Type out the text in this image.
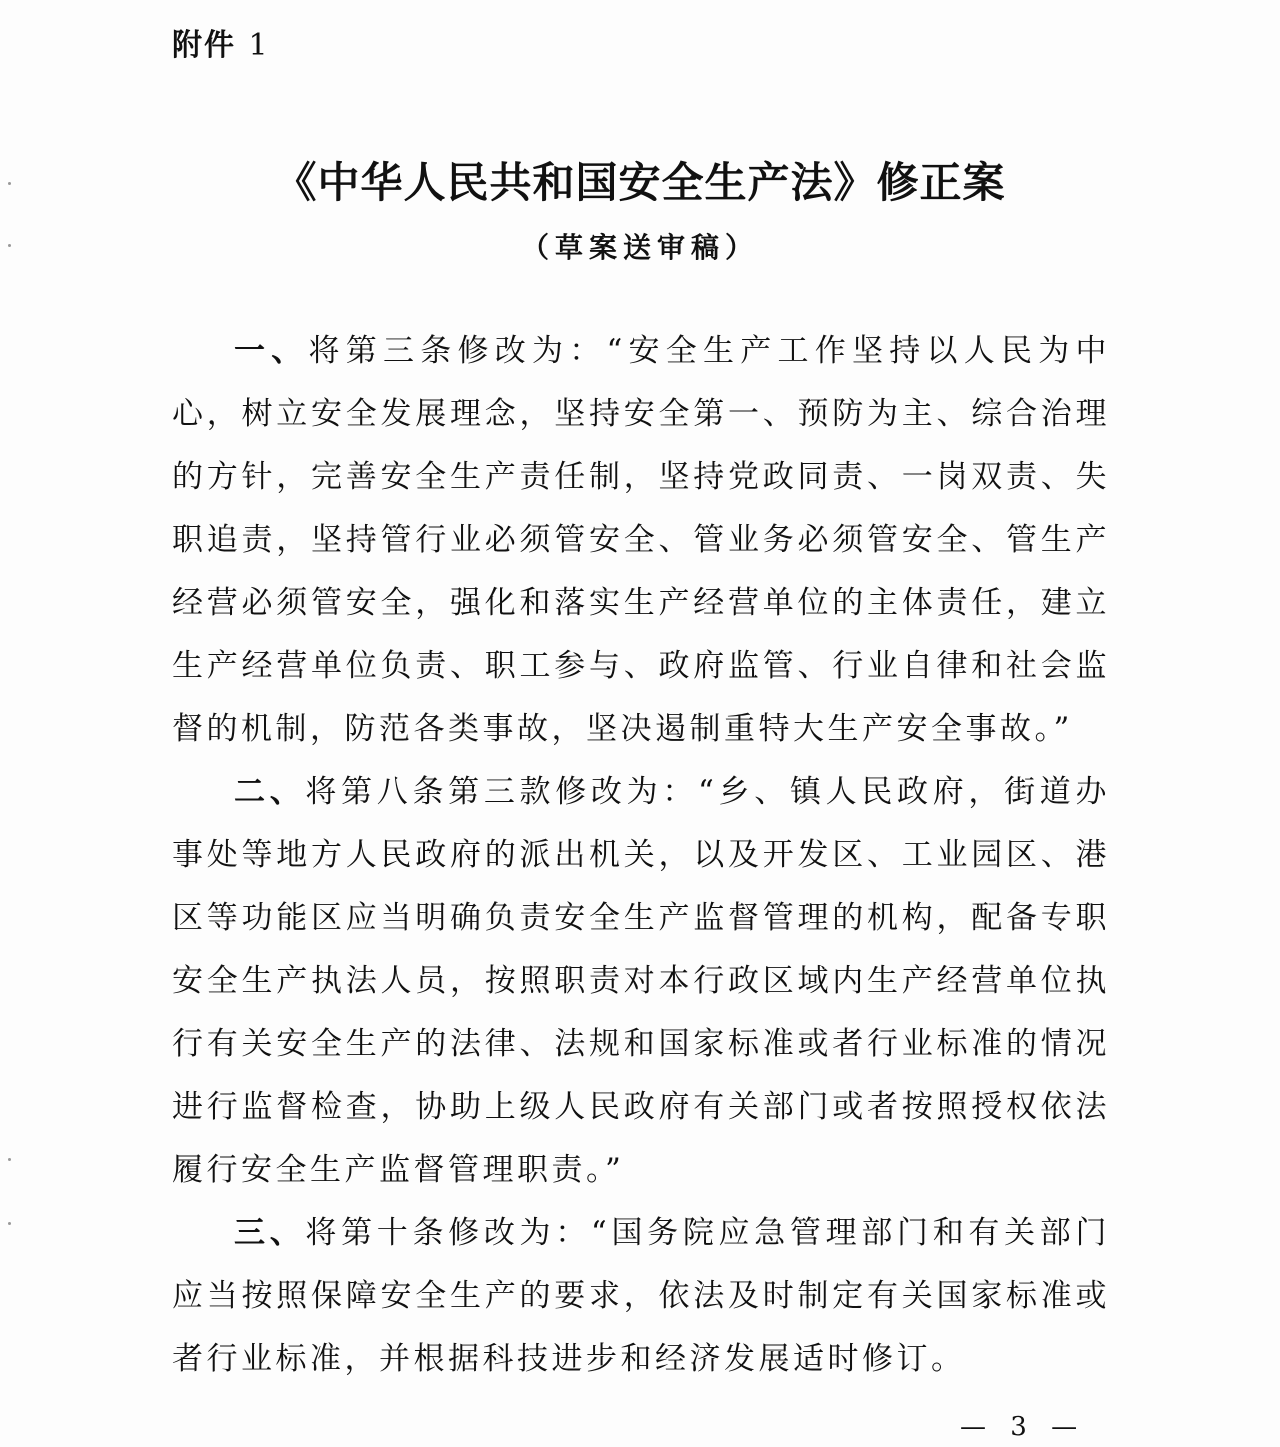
附件 1
《中华人民共和国安全生产法》修正案
（草案送审稿）

一、将第三条修改为：“安全生产工作坚持以人民为中心，树立安全发展理念，坚持安全第一、预防为主、综合治理的方针，完善安全生产责任制，坚持党政同责、一岗双责、失职追责，坚持管行业必须管安全、管业务必须管安全、管生产经营必须管安全，强化和落实生产经营单位的主体责任，建立生产经营单位负责、职工参与、政府监管、行业自律和社会监督的机制，防范各类事故，坚决遏制重特大生产安全事故。”

二、将第八条第三款修改为：“乡、镇人民政府，街道办事处等地方人民政府的派出机关，以及开发区、工业园区、港区等功能区应当明确负责安全生产监督管理的机构，配备专职安全生产执法人员，按照职责对本行政区域内生产经营单位执行有关安全生产的法律、法规和国家标准或者行业标准的情况进行监督检查，协助上级人民政府有关部门或者按照授权依法履行安全生产监督管理职责。”

三、将第十条修改为：“国务院应急管理部门和有关部门应当按照保障安全生产的要求，依法及时制定有关国家标准或者行业标准，并根据科技进步和经济发展适时修订。

— 3 —
